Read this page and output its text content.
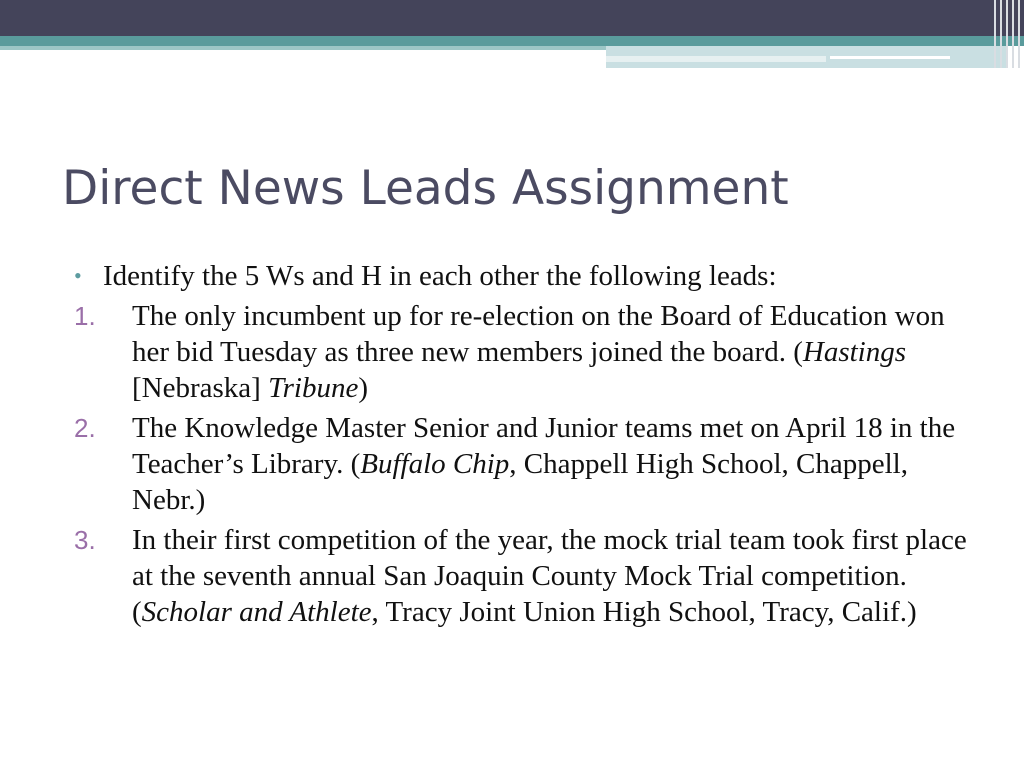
Direct News Leads Assignment
• Identify the 5 Ws and H in each other the following leads:
1. The only incumbent up for re-election on the Board of Education won her bid Tuesday as three new members joined the board. (Hastings [Nebraska] Tribune)
2. The Knowledge Master Senior and Junior teams met on April 18 in the Teacher’s Library. (Buffalo Chip, Chappell High School, Chappell, Nebr.)
3. In their first competition of the year, the mock trial team took first place at the seventh annual San Joaquin County Mock Trial competition. (Scholar and Athlete, Tracy Joint Union High School, Tracy, Calif.)
